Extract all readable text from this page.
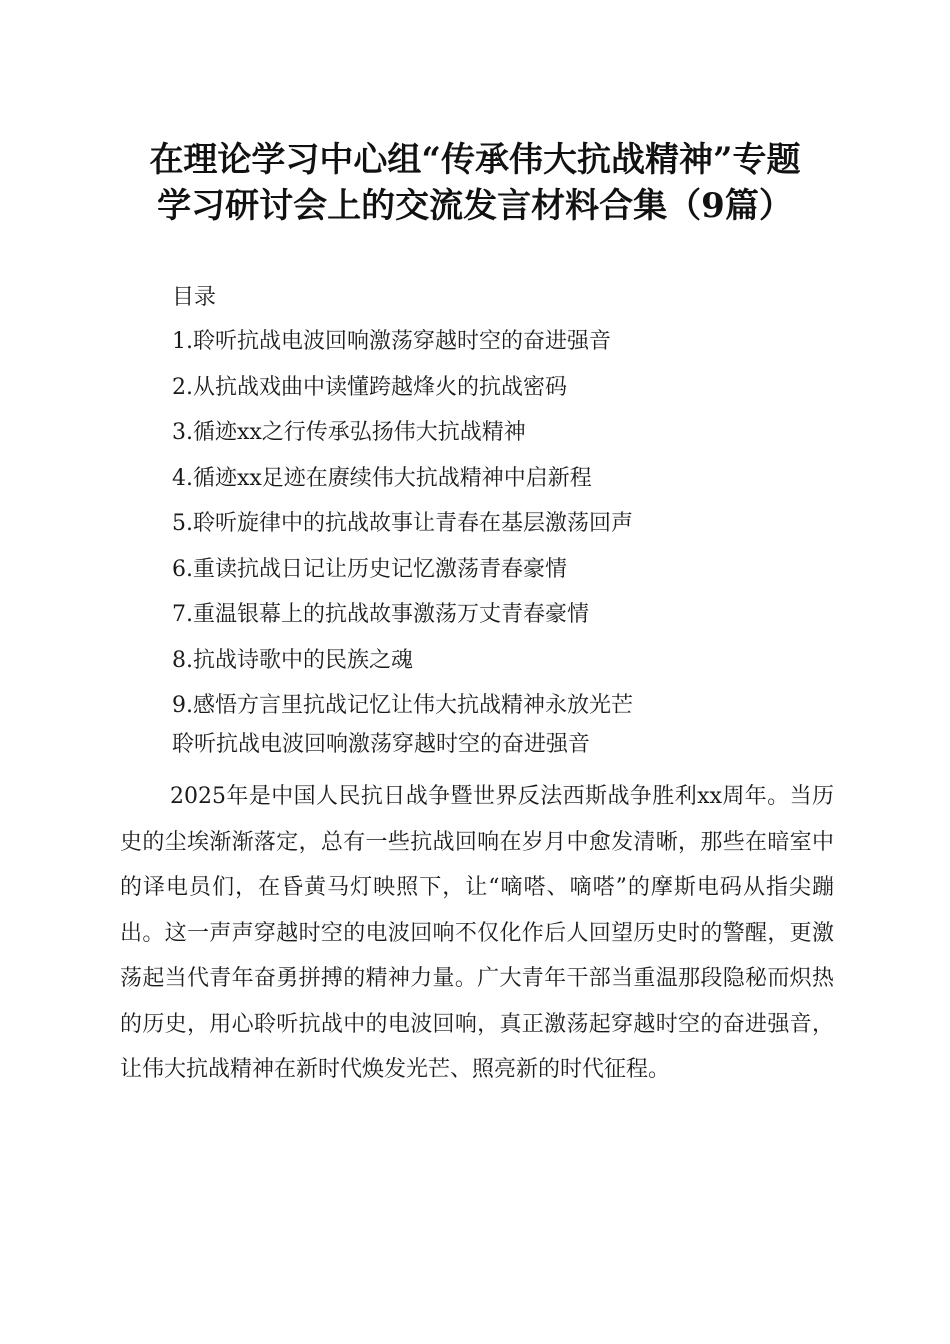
在理论学习中心组“传承伟大抗战精神”专题
学习研讨会上的交流发言材料合集（9篇）
目录
1.聆听抗战电波回响激荡穿越时空的奋进强音
2.从抗战戏曲中读懂跨越烽火的抗战密码
3.循迹xx之行传承弘扬伟大抗战精神
4.循迹xx足迹在赓续伟大抗战精神中启新程
5.聆听旋律中的抗战故事让青春在基层激荡回声
6.重读抗战日记让历史记忆激荡青春豪情
7.重温银幕上的抗战故事激荡万丈青春豪情
8.抗战诗歌中的民族之魂
9.感悟方言里抗战记忆让伟大抗战精神永放光芒
聆听抗战电波回响激荡穿越时空的奋进强音

2025年是中国人民抗日战争暨世界反法西斯战争胜利xx周年。当历史的尘埃渐渐落定，总有一些抗战回响在岁月中愈发清晰，那些在暗室中的译电员们，在昏黄马灯映照下，让“嘀嗒、嘀嗒”的摩斯电码从指尖蹦出。这一声声穿越时空的电波回响不仅化作后人回望历史时的警醒，更激荡起当代青年奋勇拼搏的精神力量。广大青年干部当重温那段隐秘而炽热的历史，用心聆听抗战中的电波回响，真正激荡起穿越时空的奋进强音，让伟大抗战精神在新时代焕发光芒、照亮新的时代征程。
